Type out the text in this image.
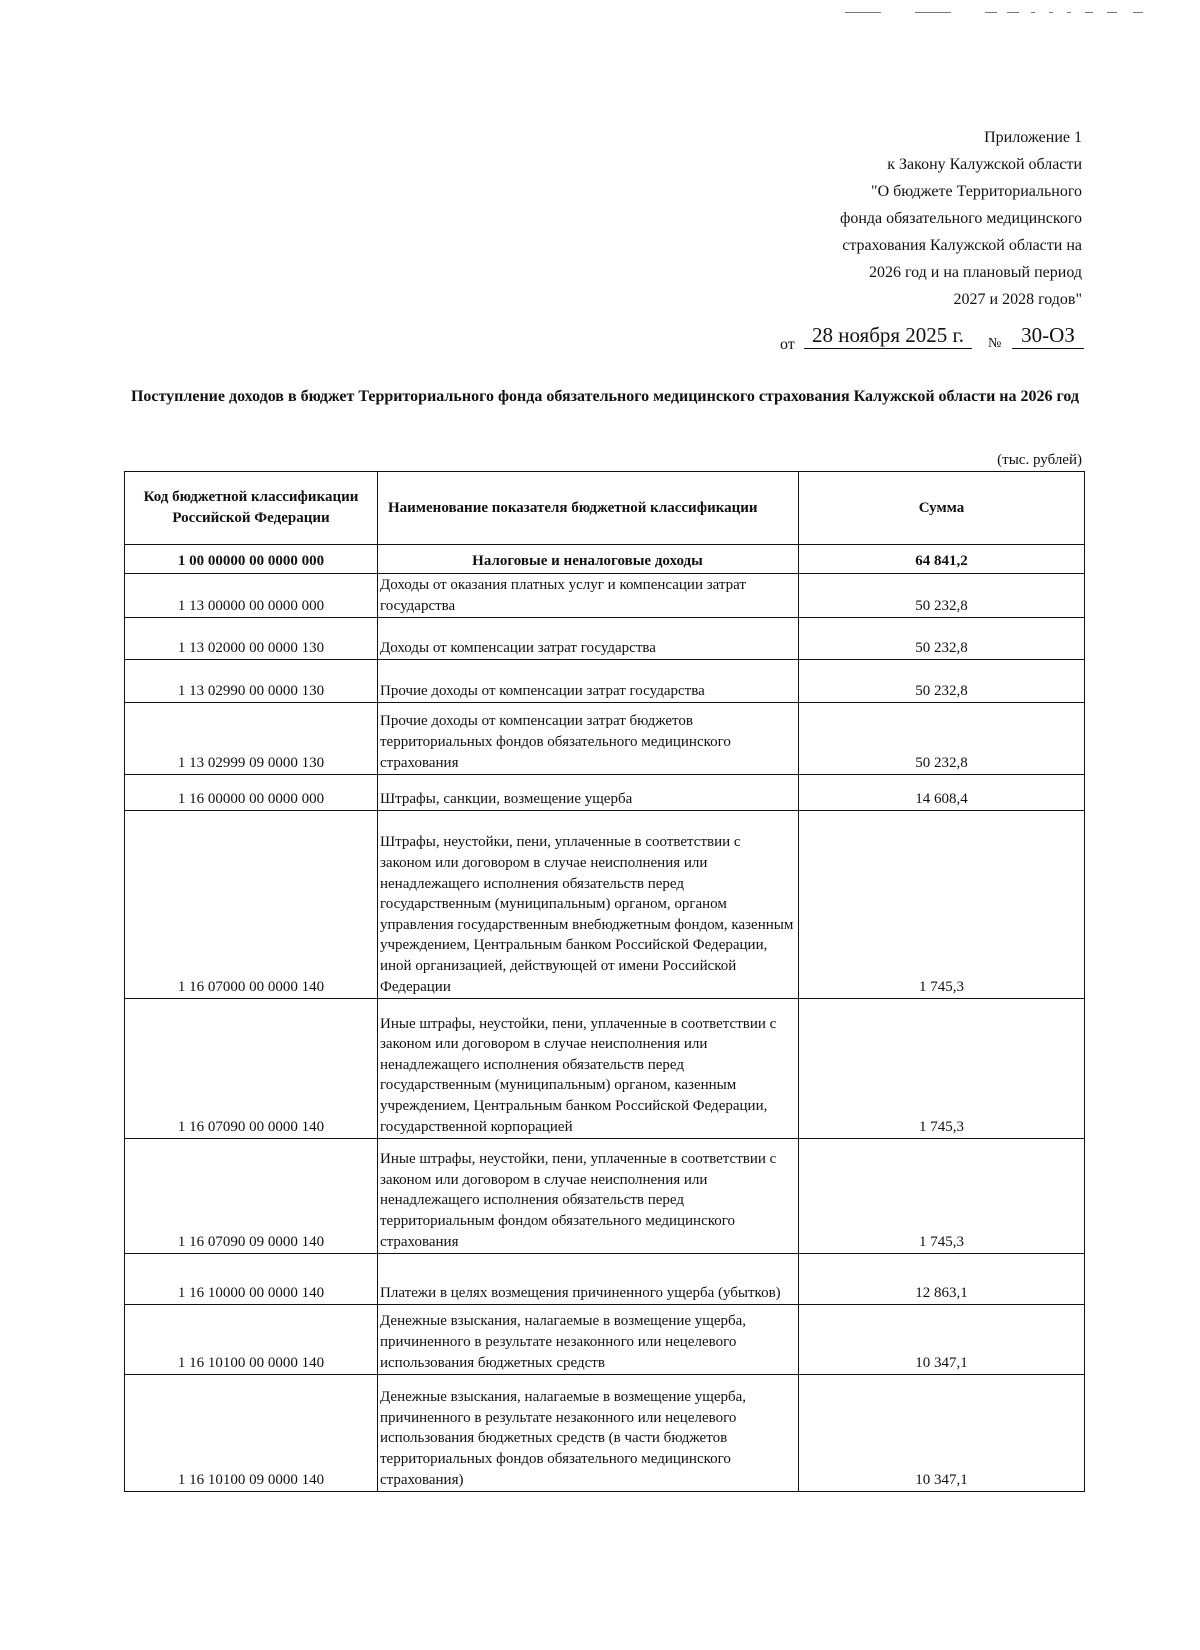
Приложение 1
к Закону Калужской области
"О бюджете Территориального
фонда обязательного медицинского
страхования Калужской области на
2026 год и на плановый период
2027 и 2028 годов"
от 28 ноября 2025 г.	№ 30-ОЗ
Поступление доходов в бюджет Территориального фонда обязательного медицинского страхования Калужской области на 2026 год
(тыс. рублей)
Код бюджетной классификации Российской Федерации	Наименование показателя бюджетной классификации	Сумма
1 00 00000 00 0000 000	Налоговые и неналоговые доходы	64 841,2
1 13 00000 00 0000 000	Доходы от оказания платных услуг и компенсации затрат государства	50 232,8
1 13 02000 00 0000 130	Доходы от компенсации затрат государства	50 232,8
1 13 02990 00 0000 130	Прочие доходы от компенсации затрат государства	50 232,8
1 13 02999 09 0000 130	Прочие доходы от компенсации затрат бюджетов территориальных фондов обязательного медицинского страхования	50 232,8
1 16 00000 00 0000 000	Штрафы, санкции, возмещение ущерба	14 608,4
1 16 07000 00 0000 140	Штрафы, неустойки, пени, уплаченные в соответствии с законом или договором в случае неисполнения или ненадлежащего исполнения обязательств перед государственным (муниципальным) органом, органом управления государственным внебюджетным фондом, казенным учреждением, Центральным банком Российской Федерации, иной организацией, действующей от имени Российской Федерации	1 745,3
1 16 07090 00 0000 140	Иные штрафы, неустойки, пени, уплаченные в соответствии с законом или договором в случае неисполнения или ненадлежащего исполнения обязательств перед государственным (муниципальным) органом, казенным учреждением, Центральным банком Российской Федерации, государственной корпорацией	1 745,3
1 16 07090 09 0000 140	Иные штрафы, неустойки, пени, уплаченные в соответствии с законом или договором в случае неисполнения или ненадлежащего исполнения обязательств перед территориальным фондом обязательного медицинского страхования	1 745,3
1 16 10000 00 0000 140	Платежи в целях возмещения причиненного ущерба (убытков)	12 863,1
1 16 10100 00 0000 140	Денежные взыскания, налагаемые в возмещение ущерба, причиненного в результате незаконного или нецелевого использования бюджетных средств	10 347,1
1 16 10100 09 0000 140	Денежные взыскания, налагаемые в возмещение ущерба, причиненного в результате незаконного или нецелевого использования бюджетных средств (в части бюджетов территориальных фондов обязательного медицинского страхования)	10 347,1
